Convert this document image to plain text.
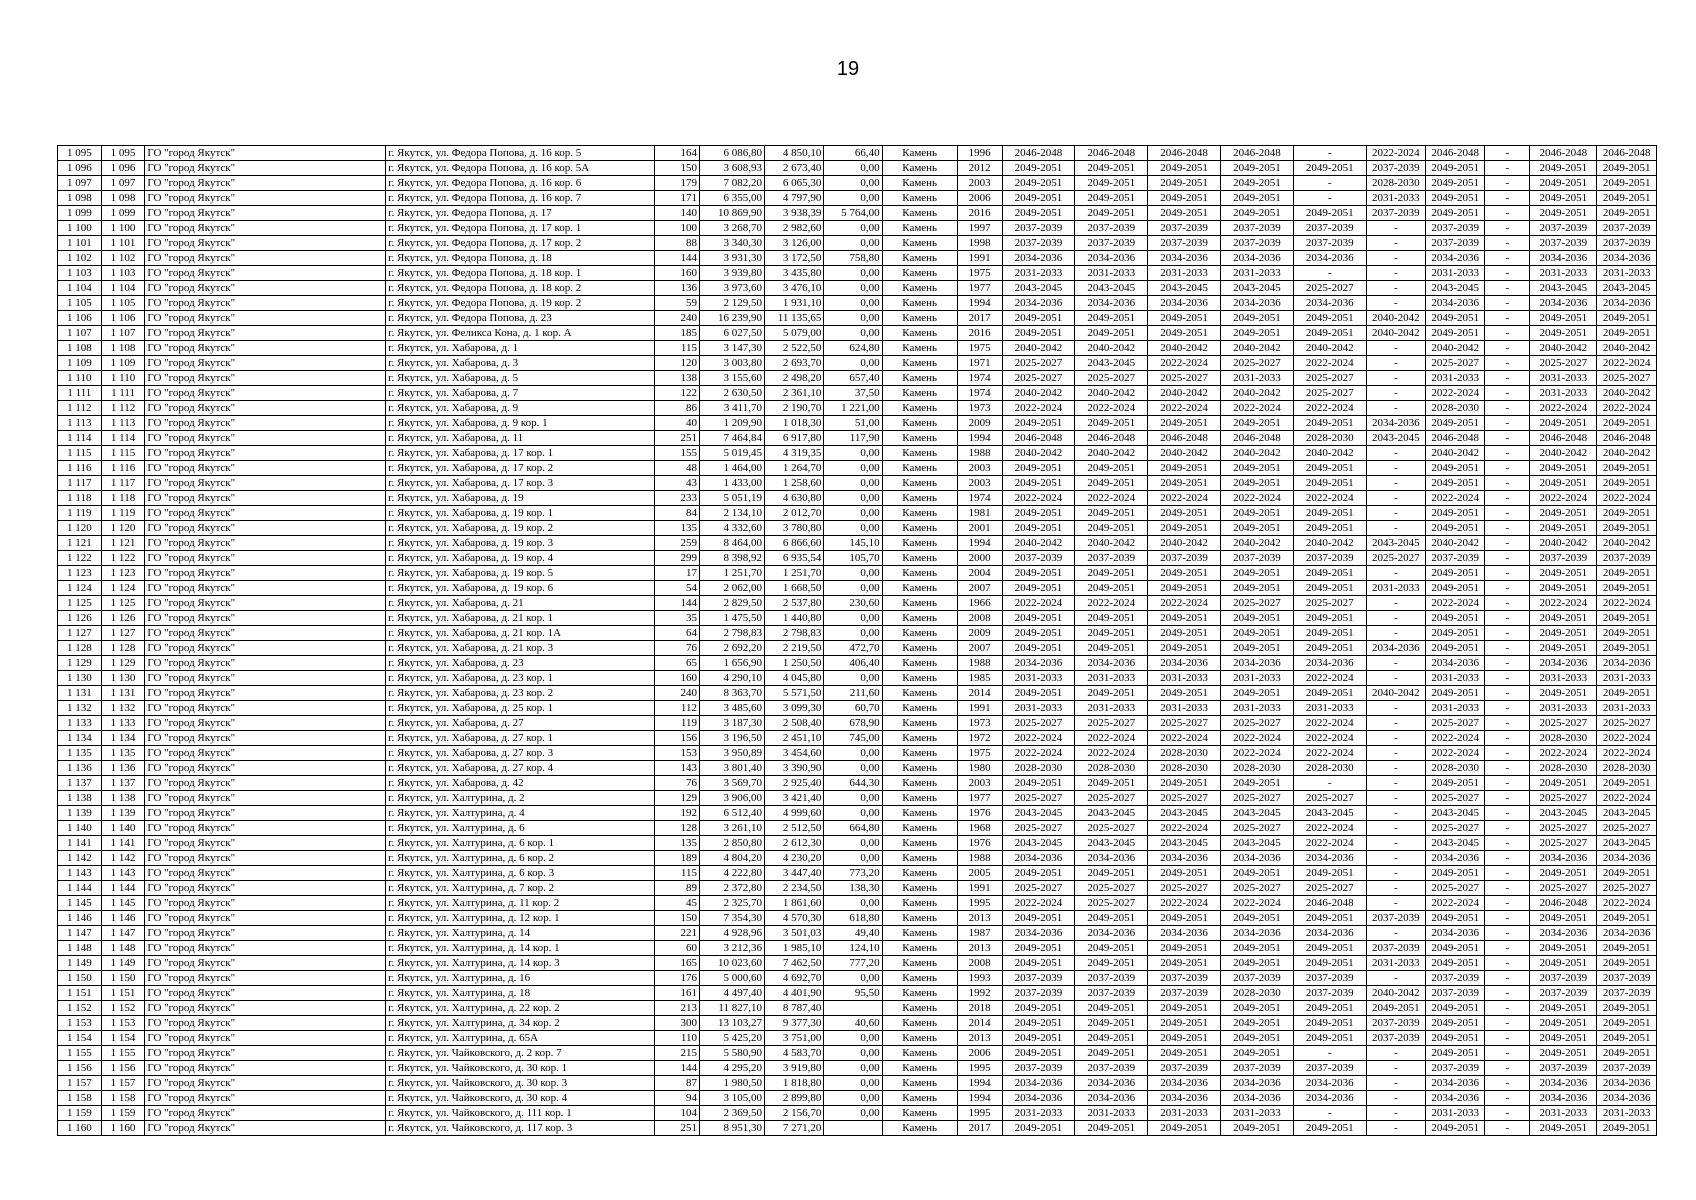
19
1 095	1 095	ГО "город Якутск"	г. Якутск, ул. Федора Попова, д. 16 кор. 5	164	6 086,80	4 850,10	66,40	Камень	1996	2046-2048	2046-2048	2046-2048	2046-2048	-	2022-2024	2046-2048	-	2046-2048	2046-2048
1 096	1 096	ГО "город Якутск"	г. Якутск, ул. Федора Попова, д. 16 кор. 5А	150	3 608,93	2 673,40	0,00	Камень	2012	2049-2051	2049-2051	2049-2051	2049-2051	2049-2051	2037-2039	2049-2051	-	2049-2051	2049-2051
1 097	1 097	ГО "город Якутск"	г. Якутск, ул. Федора Попова, д. 16 кор. 6	179	7 082,20	6 065,30	0,00	Камень	2003	2049-2051	2049-2051	2049-2051	2049-2051	-	2028-2030	2049-2051	-	2049-2051	2049-2051
1 098	1 098	ГО "город Якутск"	г. Якутск, ул. Федора Попова, д. 16 кор. 7	171	6 355,00	4 797,90	0,00	Камень	2006	2049-2051	2049-2051	2049-2051	2049-2051	-	2031-2033	2049-2051	-	2049-2051	2049-2051
1 099	1 099	ГО "город Якутск"	г. Якутск, ул. Федора Попова, д. 17	140	10 869,90	3 938,39	5 764,00	Камень	2016	2049-2051	2049-2051	2049-2051	2049-2051	2049-2051	2037-2039	2049-2051	-	2049-2051	2049-2051
1 100	1 100	ГО "город Якутск"	г. Якутск, ул. Федора Попова, д. 17 кор. 1	100	3 268,70	2 982,60	0,00	Камень	1997	2037-2039	2037-2039	2037-2039	2037-2039	2037-2039	-	2037-2039	-	2037-2039	2037-2039
1 101	1 101	ГО "город Якутск"	г. Якутск, ул. Федора Попова, д. 17 кор. 2	88	3 340,30	3 126,00	0,00	Камень	1998	2037-2039	2037-2039	2037-2039	2037-2039	2037-2039	-	2037-2039	-	2037-2039	2037-2039
1 102	1 102	ГО "город Якутск"	г. Якутск, ул. Федора Попова, д. 18	144	3 931,30	3 172,50	758,80	Камень	1991	2034-2036	2034-2036	2034-2036	2034-2036	2034-2036	-	2034-2036	-	2034-2036	2034-2036
1 103	1 103	ГО "город Якутск"	г. Якутск, ул. Федора Попова, д. 18 кор. 1	160	3 939,80	3 435,80	0,00	Камень	1975	2031-2033	2031-2033	2031-2033	2031-2033	-	-	2031-2033	-	2031-2033	2031-2033
1 104	1 104	ГО "город Якутск"	г. Якутск, ул. Федора Попова, д. 18 кор. 2	136	3 973,60	3 476,10	0,00	Камень	1977	2043-2045	2043-2045	2043-2045	2043-2045	2025-2027	-	2043-2045	-	2043-2045	2043-2045
1 105	1 105	ГО "город Якутск"	г. Якутск, ул. Федора Попова, д. 19 кор. 2	59	2 129,50	1 931,10	0,00	Камень	1994	2034-2036	2034-2036	2034-2036	2034-2036	2034-2036	-	2034-2036	-	2034-2036	2034-2036
1 106	1 106	ГО "город Якутск"	г. Якутск, ул. Федора Попова, д. 23	240	16 239,90	11 135,65	0,00	Камень	2017	2049-2051	2049-2051	2049-2051	2049-2051	2049-2051	2040-2042	2049-2051	-	2049-2051	2049-2051
1 107	1 107	ГО "город Якутск"	г. Якутск, ул. Феликса Кона, д. 1 кор. А	185	6 027,50	5 079,00	0,00	Камень	2016	2049-2051	2049-2051	2049-2051	2049-2051	2049-2051	2040-2042	2049-2051	-	2049-2051	2049-2051
1 108	1 108	ГО "город Якутск"	г. Якутск, ул. Хабарова, д. 1	115	3 147,30	2 522,50	624,80	Камень	1975	2040-2042	2040-2042	2040-2042	2040-2042	2040-2042	-	2040-2042	-	2040-2042	2040-2042
1 109	1 109	ГО "город Якутск"	г. Якутск, ул. Хабарова, д. 3	120	3 003,80	2 693,70	0,00	Камень	1971	2025-2027	2043-2045	2022-2024	2025-2027	2022-2024	-	2025-2027	-	2025-2027	2022-2024
1 110	1 110	ГО "город Якутск"	г. Якутск, ул. Хабарова, д. 5	138	3 155,60	2 498,20	657,40	Камень	1974	2025-2027	2025-2027	2025-2027	2031-2033	2025-2027	-	2031-2033	-	2031-2033	2025-2027
1 111	1 111	ГО "город Якутск"	г. Якутск, ул. Хабарова, д. 7	122	2 630,50	2 361,10	37,50	Камень	1974	2040-2042	2040-2042	2040-2042	2040-2042	2025-2027	-	2022-2024	-	2031-2033	2040-2042
1 112	1 112	ГО "город Якутск"	г. Якутск, ул. Хабарова, д. 9	86	3 411,70	2 190,70	1 221,00	Камень	1973	2022-2024	2022-2024	2022-2024	2022-2024	2022-2024	-	2028-2030	-	2022-2024	2022-2024
1 113	1 113	ГО "город Якутск"	г. Якутск, ул. Хабарова, д. 9 кор. 1	40	1 209,90	1 018,30	51,00	Камень	2009	2049-2051	2049-2051	2049-2051	2049-2051	2049-2051	2034-2036	2049-2051	-	2049-2051	2049-2051
1 114	1 114	ГО "город Якутск"	г. Якутск, ул. Хабарова, д. 11	251	7 464,84	6 917,80	117,90	Камень	1994	2046-2048	2046-2048	2046-2048	2046-2048	2028-2030	2043-2045	2046-2048	-	2046-2048	2046-2048
1 115	1 115	ГО "город Якутск"	г. Якутск, ул. Хабарова, д. 17 кор. 1	155	5 019,45	4 319,35	0,00	Камень	1988	2040-2042	2040-2042	2040-2042	2040-2042	2040-2042	-	2040-2042	-	2040-2042	2040-2042
1 116	1 116	ГО "город Якутск"	г. Якутск, ул. Хабарова, д. 17 кор. 2	48	1 464,00	1 264,70	0,00	Камень	2003	2049-2051	2049-2051	2049-2051	2049-2051	2049-2051	-	2049-2051	-	2049-2051	2049-2051
1 117	1 117	ГО "город Якутск"	г. Якутск, ул. Хабарова, д. 17 кор. 3	43	1 433,00	1 258,60	0,00	Камень	2003	2049-2051	2049-2051	2049-2051	2049-2051	2049-2051	-	2049-2051	-	2049-2051	2049-2051
1 118	1 118	ГО "город Якутск"	г. Якутск, ул. Хабарова, д. 19	233	5 051,19	4 630,80	0,00	Камень	1974	2022-2024	2022-2024	2022-2024	2022-2024	2022-2024	-	2022-2024	-	2022-2024	2022-2024
1 119	1 119	ГО "город Якутск"	г. Якутск, ул. Хабарова, д. 19 кор. 1	84	2 134,10	2 012,70	0,00	Камень	1981	2049-2051	2049-2051	2049-2051	2049-2051	2049-2051	-	2049-2051	-	2049-2051	2049-2051
1 120	1 120	ГО "город Якутск"	г. Якутск, ул. Хабарова, д. 19 кор. 2	135	4 332,60	3 780,80	0,00	Камень	2001	2049-2051	2049-2051	2049-2051	2049-2051	2049-2051	-	2049-2051	-	2049-2051	2049-2051
1 121	1 121	ГО "город Якутск"	г. Якутск, ул. Хабарова, д. 19 кор. 3	259	8 464,00	6 866,60	145,10	Камень	1994	2040-2042	2040-2042	2040-2042	2040-2042	2040-2042	2043-2045	2040-2042	-	2040-2042	2040-2042
1 122	1 122	ГО "город Якутск"	г. Якутск, ул. Хабарова, д. 19 кор. 4	299	8 398,92	6 935,54	105,70	Камень	2000	2037-2039	2037-2039	2037-2039	2037-2039	2037-2039	2025-2027	2037-2039	-	2037-2039	2037-2039
1 123	1 123	ГО "город Якутск"	г. Якутск, ул. Хабарова, д. 19 кор. 5	17	1 251,70	1 251,70	0,00	Камень	2004	2049-2051	2049-2051	2049-2051	2049-2051	2049-2051	-	2049-2051	-	2049-2051	2049-2051
1 124	1 124	ГО "город Якутск"	г. Якутск, ул. Хабарова, д. 19 кор. 6	54	2 062,00	1 668,50	0,00	Камень	2007	2049-2051	2049-2051	2049-2051	2049-2051	2049-2051	2031-2033	2049-2051	-	2049-2051	2049-2051
1 125	1 125	ГО "город Якутск"	г. Якутск, ул. Хабарова, д. 21	144	2 829,50	2 537,80	230,60	Камень	1966	2022-2024	2022-2024	2022-2024	2025-2027	2025-2027	-	2022-2024	-	2022-2024	2022-2024
1 126	1 126	ГО "город Якутск"	г. Якутск, ул. Хабарова, д. 21 кор. 1	35	1 475,50	1 440,80	0,00	Камень	2008	2049-2051	2049-2051	2049-2051	2049-2051	2049-2051	-	2049-2051	-	2049-2051	2049-2051
1 127	1 127	ГО "город Якутск"	г. Якутск, ул. Хабарова, д. 21 кор. 1А	64	2 798,83	2 798,83	0,00	Камень	2009	2049-2051	2049-2051	2049-2051	2049-2051	2049-2051	-	2049-2051	-	2049-2051	2049-2051
1 128	1 128	ГО "город Якутск"	г. Якутск, ул. Хабарова, д. 21 кор. 3	76	2 692,20	2 219,50	472,70	Камень	2007	2049-2051	2049-2051	2049-2051	2049-2051	2049-2051	2034-2036	2049-2051	-	2049-2051	2049-2051
1 129	1 129	ГО "город Якутск"	г. Якутск, ул. Хабарова, д. 23	65	1 656,90	1 250,50	406,40	Камень	1988	2034-2036	2034-2036	2034-2036	2034-2036	2034-2036	-	2034-2036	-	2034-2036	2034-2036
1 130	1 130	ГО "город Якутск"	г. Якутск, ул. Хабарова, д. 23 кор. 1	160	4 290,10	4 045,80	0,00	Камень	1985	2031-2033	2031-2033	2031-2033	2031-2033	2022-2024	-	2031-2033	-	2031-2033	2031-2033
1 131	1 131	ГО "город Якутск"	г. Якутск, ул. Хабарова, д. 23 кор. 2	240	8 363,70	5 571,50	211,60	Камень	2014	2049-2051	2049-2051	2049-2051	2049-2051	2049-2051	2040-2042	2049-2051	-	2049-2051	2049-2051
1 132	1 132	ГО "город Якутск"	г. Якутск, ул. Хабарова, д. 25 кор. 1	112	3 485,60	3 099,30	60,70	Камень	1991	2031-2033	2031-2033	2031-2033	2031-2033	2031-2033	-	2031-2033	-	2031-2033	2031-2033
1 133	1 133	ГО "город Якутск"	г. Якутск, ул. Хабарова, д. 27	119	3 187,30	2 508,40	678,90	Камень	1973	2025-2027	2025-2027	2025-2027	2025-2027	2022-2024	-	2025-2027	-	2025-2027	2025-2027
1 134	1 134	ГО "город Якутск"	г. Якутск, ул. Хабарова, д. 27 кор. 1	156	3 196,50	2 451,10	745,00	Камень	1972	2022-2024	2022-2024	2022-2024	2022-2024	2022-2024	-	2022-2024	-	2028-2030	2022-2024
1 135	1 135	ГО "город Якутск"	г. Якутск, ул. Хабарова, д. 27 кор. 3	153	3 950,89	3 454,60	0,00	Камень	1975	2022-2024	2022-2024	2028-2030	2022-2024	2022-2024	-	2022-2024	-	2022-2024	2022-2024
1 136	1 136	ГО "город Якутск"	г. Якутск, ул. Хабарова, д. 27 кор. 4	143	3 801,40	3 390,90	0,00	Камень	1980	2028-2030	2028-2030	2028-2030	2028-2030	2028-2030	-	2028-2030	-	2028-2030	2028-2030
1 137	1 137	ГО "город Якутск"	г. Якутск, ул. Хабарова, д. 42	76	3 569,70	2 925,40	644,30	Камень	2003	2049-2051	2049-2051	2049-2051	2049-2051	-	-	2049-2051	-	2049-2051	2049-2051
1 138	1 138	ГО "город Якутск"	г. Якутск, ул. Халтурина, д. 2	129	3 906,00	3 421,40	0,00	Камень	1977	2025-2027	2025-2027	2025-2027	2025-2027	2025-2027	-	2025-2027	-	2025-2027	2022-2024
1 139	1 139	ГО "город Якутск"	г. Якутск, ул. Халтурина, д. 4	192	6 512,40	4 999,60	0,00	Камень	1976	2043-2045	2043-2045	2043-2045	2043-2045	2043-2045	-	2043-2045	-	2043-2045	2043-2045
1 140	1 140	ГО "город Якутск"	г. Якутск, ул. Халтурина, д. 6	128	3 261,10	2 512,50	664,80	Камень	1968	2025-2027	2025-2027	2022-2024	2025-2027	2022-2024	-	2025-2027	-	2025-2027	2025-2027
1 141	1 141	ГО "город Якутск"	г. Якутск, ул. Халтурина, д. 6 кор. 1	135	2 850,80	2 612,30	0,00	Камень	1976	2043-2045	2043-2045	2043-2045	2043-2045	2022-2024	-	2043-2045	-	2025-2027	2043-2045
1 142	1 142	ГО "город Якутск"	г. Якутск, ул. Халтурина, д. 6 кор. 2	189	4 804,20	4 230,20	0,00	Камень	1988	2034-2036	2034-2036	2034-2036	2034-2036	2034-2036	-	2034-2036	-	2034-2036	2034-2036
1 143	1 143	ГО "город Якутск"	г. Якутск, ул. Халтурина, д. 6 кор. 3	115	4 222,80	3 447,40	773,20	Камень	2005	2049-2051	2049-2051	2049-2051	2049-2051	2049-2051	-	2049-2051	-	2049-2051	2049-2051
1 144	1 144	ГО "город Якутск"	г. Якутск, ул. Халтурина, д. 7 кор. 2	89	2 372,80	2 234,50	138,30	Камень	1991	2025-2027	2025-2027	2025-2027	2025-2027	2025-2027	-	2025-2027	-	2025-2027	2025-2027
1 145	1 145	ГО "город Якутск"	г. Якутск, ул. Халтурина, д. 11 кор. 2	45	2 325,70	1 861,60	0,00	Камень	1995	2022-2024	2025-2027	2022-2024	2022-2024	2046-2048	-	2022-2024	-	2046-2048	2022-2024
1 146	1 146	ГО "город Якутск"	г. Якутск, ул. Халтурина, д. 12 кор. 1	150	7 354,30	4 570,30	618,80	Камень	2013	2049-2051	2049-2051	2049-2051	2049-2051	2049-2051	2037-2039	2049-2051	-	2049-2051	2049-2051
1 147	1 147	ГО "город Якутск"	г. Якутск, ул. Халтурина, д. 14	221	4 928,96	3 501,03	49,40	Камень	1987	2034-2036	2034-2036	2034-2036	2034-2036	2034-2036	-	2034-2036	-	2034-2036	2034-2036
1 148	1 148	ГО "город Якутск"	г. Якутск, ул. Халтурина, д. 14 кор. 1	60	3 212,36	1 985,10	124,10	Камень	2013	2049-2051	2049-2051	2049-2051	2049-2051	2049-2051	2037-2039	2049-2051	-	2049-2051	2049-2051
1 149	1 149	ГО "город Якутск"	г. Якутск, ул. Халтурина, д. 14 кор. 3	165	10 023,60	7 462,50	777,20	Камень	2008	2049-2051	2049-2051	2049-2051	2049-2051	2049-2051	2031-2033	2049-2051	-	2049-2051	2049-2051
1 150	1 150	ГО "город Якутск"	г. Якутск, ул. Халтурина, д. 16	176	5 000,60	4 692,70	0,00	Камень	1993	2037-2039	2037-2039	2037-2039	2037-2039	2037-2039	-	2037-2039	-	2037-2039	2037-2039
1 151	1 151	ГО "город Якутск"	г. Якутск, ул. Халтурина, д. 18	161	4 497,40	4 401,90	95,50	Камень	1992	2037-2039	2037-2039	2037-2039	2028-2030	2037-2039	2040-2042	2037-2039	-	2037-2039	2037-2039
1 152	1 152	ГО "город Якутск"	г. Якутск, ул. Халтурина, д. 22 кор. 2	213	11 827,10	8 787,40		Камень	2018	2049-2051	2049-2051	2049-2051	2049-2051	2049-2051	2049-2051	2049-2051	-	2049-2051	2049-2051
1 153	1 153	ГО "город Якутск"	г. Якутск, ул. Халтурина, д. 34 кор. 2	300	13 103,27	9 377,30	40,60	Камень	2014	2049-2051	2049-2051	2049-2051	2049-2051	2049-2051	2037-2039	2049-2051	-	2049-2051	2049-2051
1 154	1 154	ГО "город Якутск"	г. Якутск, ул. Халтурина, д. 65А	110	5 425,20	3 751,00	0,00	Камень	2013	2049-2051	2049-2051	2049-2051	2049-2051	2049-2051	2037-2039	2049-2051	-	2049-2051	2049-2051
1 155	1 155	ГО "город Якутск"	г. Якутск, ул. Чайковского, д. 2 кор. 7	215	5 580,90	4 583,70	0,00	Камень	2006	2049-2051	2049-2051	2049-2051	2049-2051	-	-	2049-2051	-	2049-2051	2049-2051
1 156	1 156	ГО "город Якутск"	г. Якутск, ул. Чайковского, д. 30 кор. 1	144	4 295,20	3 919,80	0,00	Камень	1995	2037-2039	2037-2039	2037-2039	2037-2039	2037-2039	-	2037-2039	-	2037-2039	2037-2039
1 157	1 157	ГО "город Якутск"	г. Якутск, ул. Чайковского, д. 30 кор. 3	87	1 980,50	1 818,80	0,00	Камень	1994	2034-2036	2034-2036	2034-2036	2034-2036	2034-2036	-	2034-2036	-	2034-2036	2034-2036
1 158	1 158	ГО "город Якутск"	г. Якутск, ул. Чайковского, д. 30 кор. 4	94	3 105,00	2 899,80	0,00	Камень	1994	2034-2036	2034-2036	2034-2036	2034-2036	2034-2036	-	2034-2036	-	2034-2036	2034-2036
1 159	1 159	ГО "город Якутск"	г. Якутск, ул. Чайковского, д. 111 кор. 1	104	2 369,50	2 156,70	0,00	Камень	1995	2031-2033	2031-2033	2031-2033	2031-2033	-	-	2031-2033	-	2031-2033	2031-2033
1 160	1 160	ГО "город Якутск"	г. Якутск, ул. Чайковского, д. 117 кор. 3	251	8 951,30	7 271,20		Камень	2017	2049-2051	2049-2051	2049-2051	2049-2051	2049-2051	-	2049-2051	-	2049-2051	2049-2051
